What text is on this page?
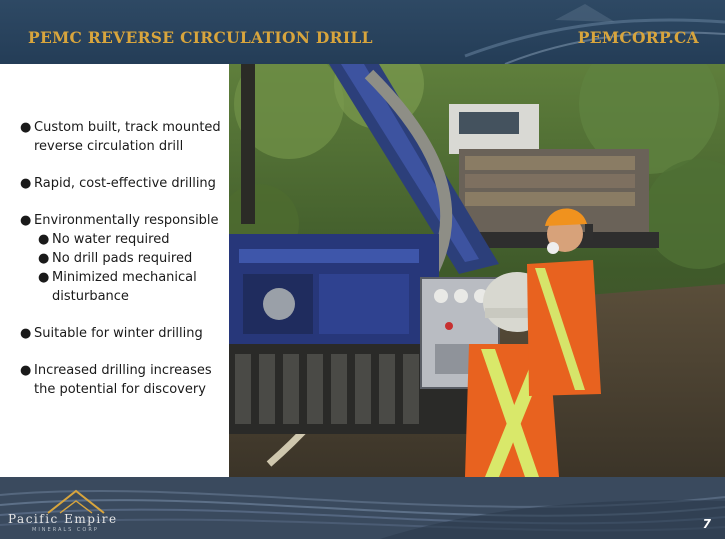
PEMC REVERSE CIRCULATION DRILL	PEMCORP.CA
● Custom built, track mounted reverse circulation drill
● Rapid, cost-effective drilling
● Environmentally responsible
● No water required
● No drill pads required
● Minimized mechanical disturbance
● Suitable for winter drilling
● Increased drilling increases the potential for discovery
Pacific Empire
MINERALS CORP	7
